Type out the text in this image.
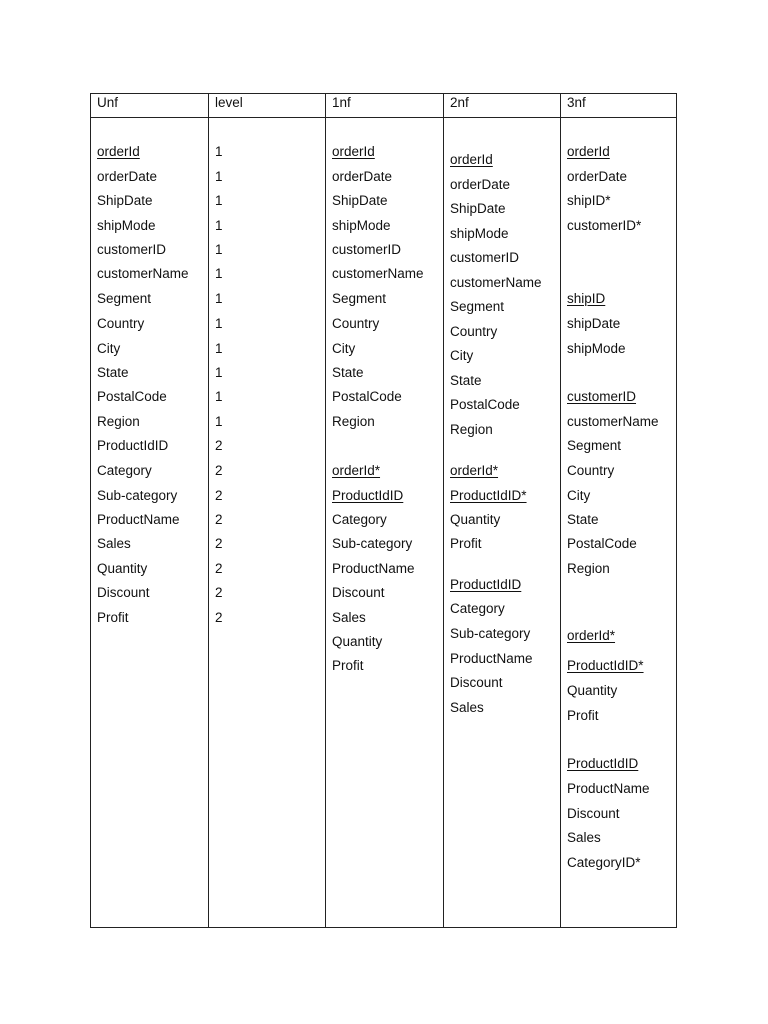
Unf
orderId
orderDate
ShipDate
shipMode
customerID
customerName
Segment
Country
City
State
PostalCode
Region
ProductIdID
Category
Sub-category
ProductName
Sales
Quantity
Discount
Profit
level
1
1
1
1
1
1
1
1
1
1
1
1
2
2
2
2
2
2
2
2
1nf
orderId
orderDate
ShipDate
shipMode
customerID
customerName
Segment
Country
City
State
PostalCode
Region
orderId*
ProductIdID
Category
Sub-category
ProductName
Discount
Sales
Quantity
Profit
2nf
orderId
orderDate
ShipDate
shipMode
customerID
customerName
Segment
Country
City
State
PostalCode
Region
orderId*
ProductIdID*
Quantity
Profit
ProductIdID
Category
Sub-category
ProductName
Discount
Sales
3nf
orderId
orderDate
shipID*
customerID*
shipID
shipDate
shipMode
customerID
customerName
Segment
Country
City
State
PostalCode
Region
orderId*
ProductIdID*
Quantity
Profit
ProductIdID
ProductName
Discount
Sales
CategoryID*
